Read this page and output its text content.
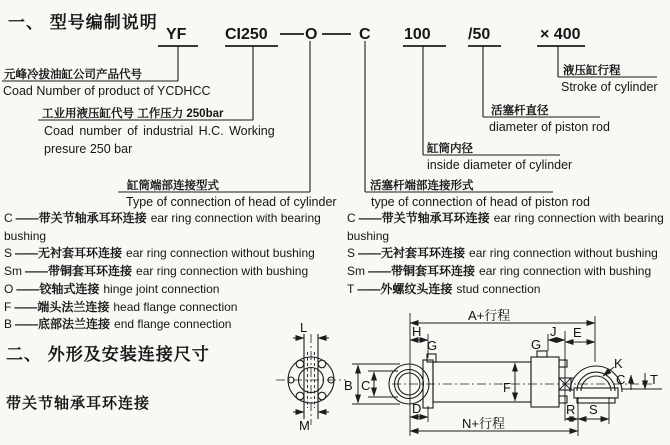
L
M
A+行程
H
G	G
J E
K
C T
F
B C
D	R S
N+行程
一、 型号编制说明
YF CI250 O	C 100 /50	× 400
元峰冷拔油缸公司产品代号
Coad Number of product of YCDHCC
工业用液压缸代号 工作压力 250bar
Coad number of industrial H.C. Working
presure 250 bar
缸筒端部连接型式
Type of connection of head of cylinder
活塞杆端部连接形式
type of connection of head of piston rod
缸筒内径
inside diameter of cylinder
活塞杆直径
diameter of piston rod
液压缸行程
Stroke of cylinder
C ——带关节轴承耳环连接 ear ring connection with bearing bushing
S ——无衬套耳环连接 ear ring connection without bushing
Sm ——带铜套耳环连接 ear ring connection with bushing
O ——铰轴式连接 hinge joint connection
F ——端头法兰连接 head flange connection
B ——底部法兰连接 end flange connection
C ——带关节轴承耳环连接 ear ring connection with bearing bushing
S ——无衬套耳环连接 ear ring connection without bushing
Sm ——带铜套耳环连接 ear ring connection with bushing
T ——外螺纹头连接 stud connection
二、 外形及安装连接尺寸
带关节轴承耳环连接
